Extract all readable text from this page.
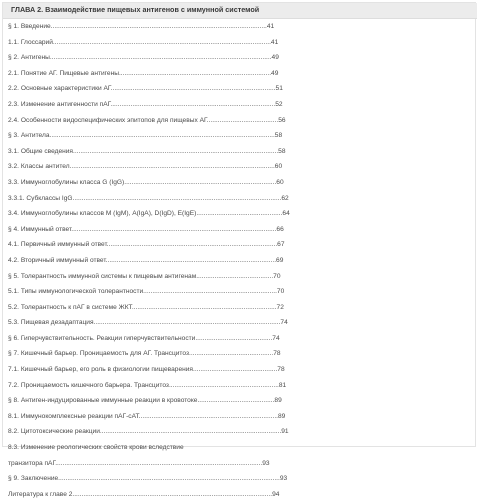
ГЛАВА 2. Взаимодействие пищевых антигенов с иммунной системой
§ 1. Введение......................................................................................................................41
1.1. Глоссарий.......................................................................................................................41
§ 2. Антигены.........................................................................................................................49
2.1. Понятие АГ. Пищевые антигены...................................................................................49
2.2. Основные характеристики АГ..........................................................................................51
2.3. Изменение антигенности пАГ..........................................................................................52
2.4. Особенности видоспецифических эпитопов для пищевых АГ.......................................56
§ 3. Антитела...........................................................................................................................58
3.1. Общие сведения................................................................................................................58
3.2. Классы антител................................................................................................................60
3.3. Иммуноглобулины класса G (IgG)...................................................................................60
3.3.1. Субклассы IgG..................................................................................................................62
3.4. Иммуноглобулины классов М (IgM), A(IgA), D(IgD), E(IgE)...............................................64
§ 4. Иммунный ответ................................................................................................................66
4.1. Первичный иммунный ответ.............................................................................................67
4.2. Вторичный иммунный ответ.............................................................................................69
§ 5. Толерантность иммунной системы к пищевым антигенам..........................................70
5.1. Типы иммунологической толерантности.........................................................................70
5.2. Толерантность к пАГ в системе ЖКТ...............................................................................72
5.3. Пищевая дезадаптация......................................................................................................74
§ 6. Гиперчувствительность. Реакции гиперчувствительности..........................................74
§ 7. Кишечный барьер. Проницаемость для АГ. Трансцитоз..............................................78
7.1. Кишечный барьер, его роль в физиологии пищеварения..............................................78
7.2. Проницаемость кишечного барьера. Трансцитоз............................................................81
§ 8. Антиген-индуцированные иммунные реакции в кровотоке..........................................89
8.1. Иммунокомплексные реакции пАГ-сАТ............................................................................89
8.2. Цитотоксические реакции...................................................................................................91
8.3. Изменение реологических свойств крови вследствие
транзитора пАГ.................................................................................................................93
§ 9. Заключение.........................................................................................................................93
Литература к главе 2.............................................................................................................94
